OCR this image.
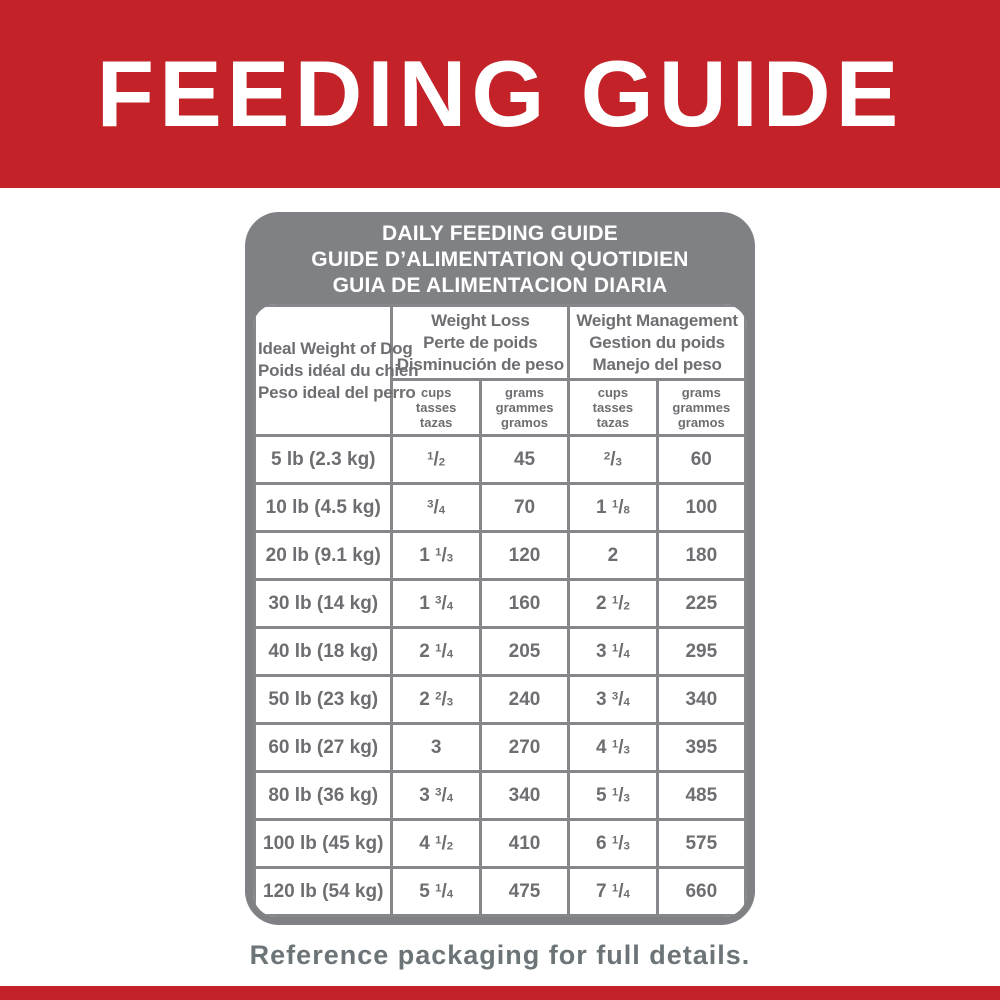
FEEDING GUIDE
DAILY FEEDING GUIDE
GUIDE D’ALIMENTATION QUOTIDIEN
GUIA DE ALIMENTACION DIARIA
Ideal Weight of Dog
Poids idéal du chien
Peso ideal del perro

Weight Loss
Perte de poids
Disminución de peso

Weight Management
Gestion du poids
Manejo del peso

cups
tasses
tazas

grams
grammes
gramos

cups
tasses
tazas

grams
grammes
gramos

5 lb (2.3 kg)	$^1$/2	45	$^2$/3	60
10 lb (4.5 kg)	$^3$/4	70	1 $^1$/8	100
20 lb (9.1 kg)	1 $^1$/3	120	2	180
30 lb (14 kg)	1 $^3$/4	160	2 $^1$/2	225
40 lb (18 kg)	2 $^1$/4	205	3 $^1$/4	295
50 lb (23 kg)	2 $^2$/3	240	3 $^3$/4	340
60 lb (27 kg)	3	270	4 $^1$/3	395
80 lb (36 kg)	3 $^3$/4	340	5 $^1$/3	485
100 lb (45 kg)	4 $^1$/2	410	6 $^1$/3	575
120 lb (54 kg)	5 $^1$/4	475	7 $^1$/4	660
Reference packaging for full details.
